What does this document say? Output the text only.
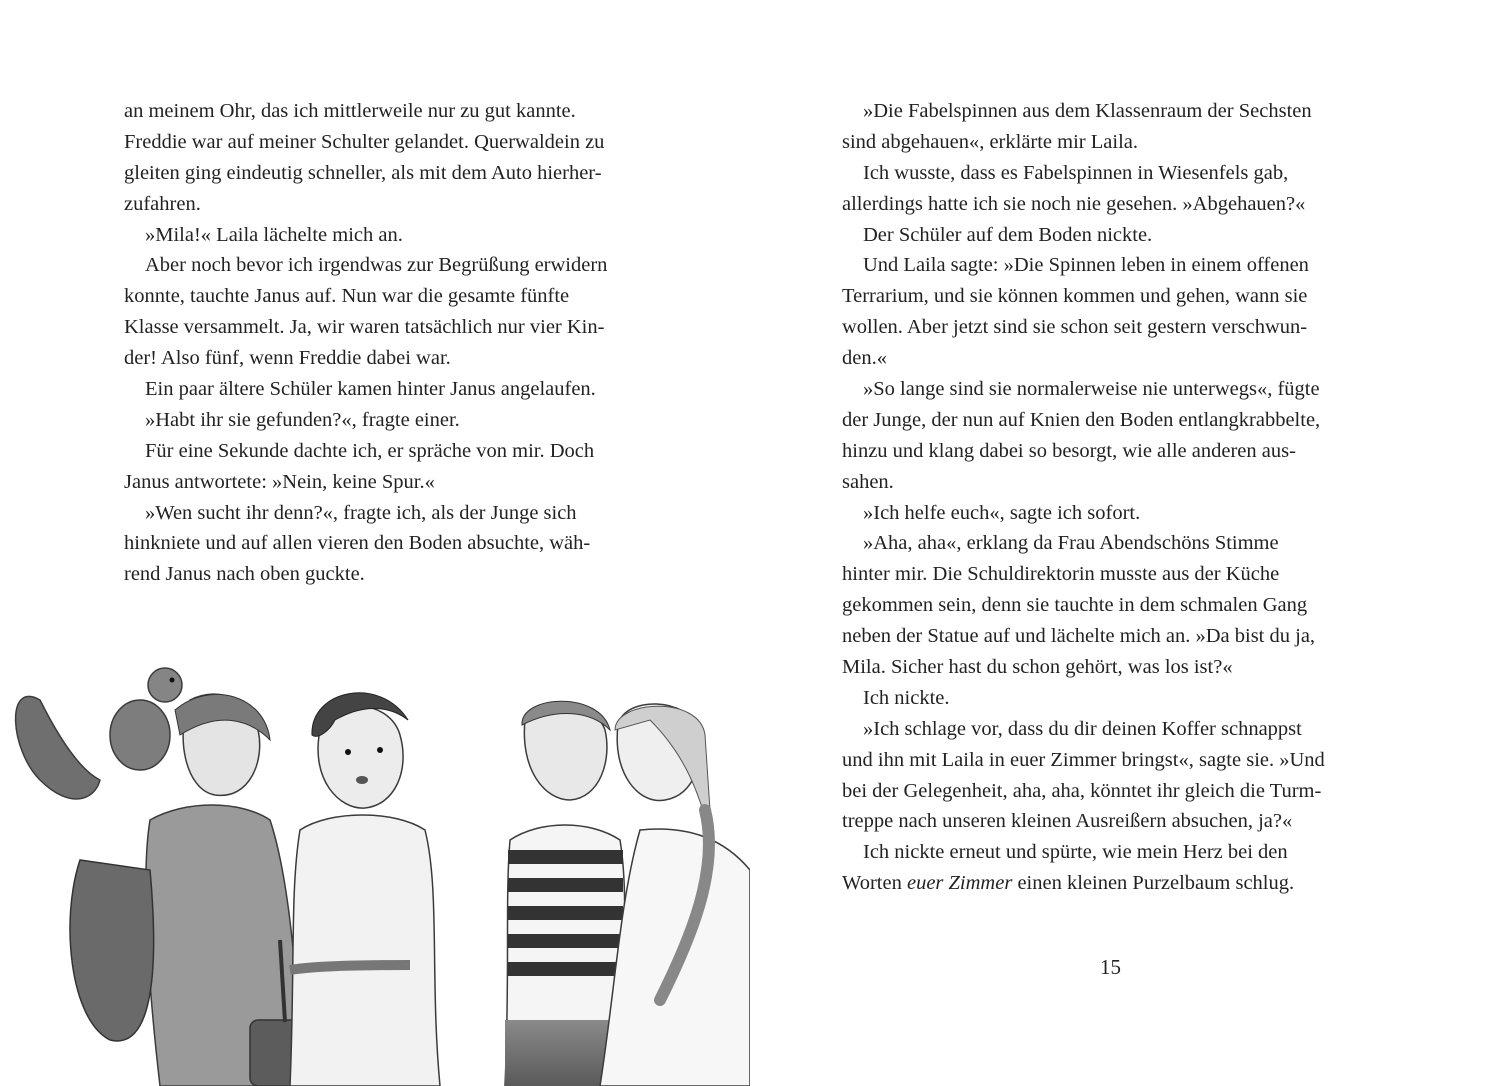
an meinem Ohr, das ich mittlerweile nur zu gut kannte.
Freddie war auf meiner Schulter gelandet. Querwaldein zu
gleiten ging eindeutig schneller, als mit dem Auto hierher-
zufahren.
»Mila!« Laila lächelte mich an.
Aber noch bevor ich irgendwas zur Begrüßung erwidern
konnte, tauchte Janus auf. Nun war die gesamte fünfte
Klasse versammelt. Ja, wir waren tatsächlich nur vier Kin-
der! Also fünf, wenn Freddie dabei war.
Ein paar ältere Schüler kamen hinter Janus angelaufen.
»Habt ihr sie gefunden?«, fragte einer.
Für eine Sekunde dachte ich, er spräche von mir. Doch
Janus antwortete: »Nein, keine Spur.«
»Wen sucht ihr denn?«, fragte ich, als der Junge sich
hinkniete und auf allen vieren den Boden absuchte, wäh-
rend Janus nach oben guckte.
»Die Fabelspinnen aus dem Klassenraum der Sechsten
sind abgehauen«, erklärte mir Laila.
Ich wusste, dass es Fabelspinnen in Wiesenfels gab,
allerdings hatte ich sie noch nie gesehen. »Abgehauen?«
Der Schüler auf dem Boden nickte.
Und Laila sagte: »Die Spinnen leben in einem offenen
Terrarium, und sie können kommen und gehen, wann sie
wollen. Aber jetzt sind sie schon seit gestern verschwun-
den.«
»So lange sind sie normalerweise nie unterwegs«, fügte
der Junge, der nun auf Knien den Boden entlangkrabbelte,
hinzu und klang dabei so besorgt, wie alle anderen aus-
sahen.
»Ich helfe euch«, sagte ich sofort.
»Aha, aha«, erklang da Frau Abendschöns Stimme
hinter mir. Die Schuldirektorin musste aus der Küche
gekommen sein, denn sie tauchte in dem schmalen Gang
neben der Statue auf und lächelte mich an. »Da bist du ja,
Mila. Sicher hast du schon gehört, was los ist?«
Ich nickte.
»Ich schlage vor, dass du dir deinen Koffer schnappst
und ihn mit Laila in euer Zimmer bringst«, sagte sie. »Und
bei der Gelegenheit, aha, aha, könntet ihr gleich die Turm-
treppe nach unseren kleinen Ausreißern absuchen, ja?«
Ich nickte erneut und spürte, wie mein Herz bei den
Worten euer Zimmer einen kleinen Purzelbaum schlug.
15
